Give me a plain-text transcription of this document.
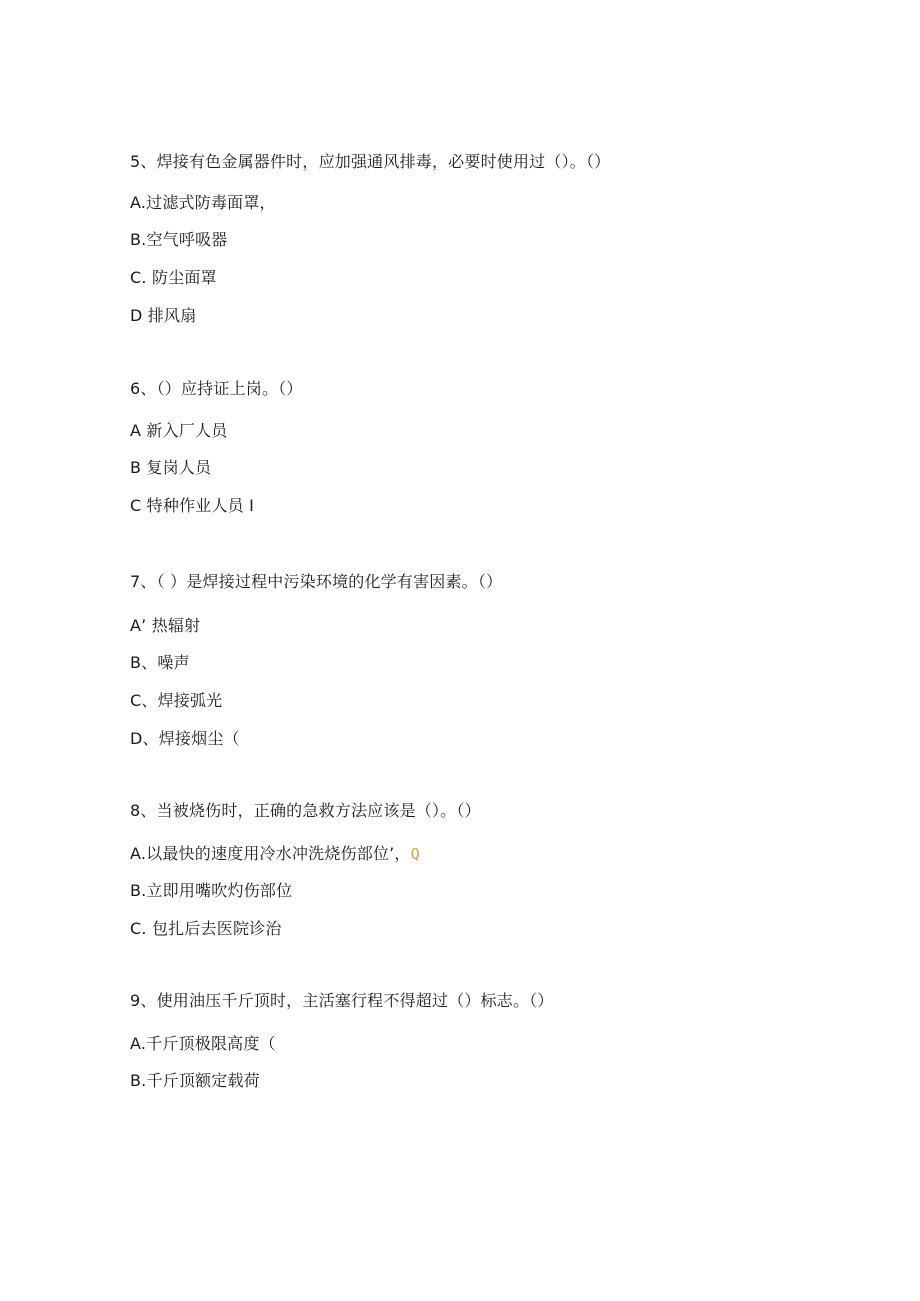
5、焊接有色金属器件时，应加强通风排毒，必要时使用过（）。（）
A.过滤式防毒面罩，
B.空气呼吸器
C. 防尘面罩
D 排风扇
6、（）应持证上岗。（）
A 新入厂人员
B 复岗人员
C 特种作业人员 I
7、（ ）是焊接过程中污染环境的化学有害因素。（）
A’ 热辐射
B、噪声
C、焊接弧光
D、焊接烟尘（
8、当被烧伤时，正确的急救方法应该是（）。（）
A.以最快的速度用冷水冲洗烧伤部位’，Q
B.立即用嘴吹灼伤部位
C. 包扎后去医院诊治
9、使用油压千斤顶时，主活塞行程不得超过（）标志。（）
A.千斤顶极限高度（
B.千斤顶额定载荷
